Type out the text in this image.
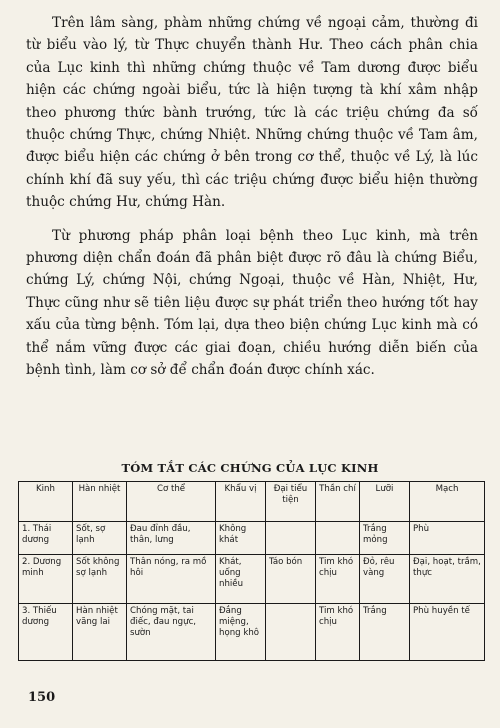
Trên lâm sàng, phàm những chứng về ngoại cảm, thường đi từ biểu vào lý, từ Thực chuyển thành Hư. Theo cách phân chia của Lục kinh thì những chứng thuộc về Tam dương được biểu hiện các chứng ngoài biểu, tức là hiện tượng tà khí xâm nhập theo phương thức bành trướng, tức là các triệu chứng đa số thuộc chứng Thực, chứng Nhiệt. Những chứng thuộc về Tam âm, được biểu hiện các chứng ở bên trong cơ thể, thuộc về Lý, là lúc chính khí đã suy yếu, thì các triệu chứng được biểu hiện thường thuộc chứng Hư, chứng Hàn.

Từ phương pháp phân loại bệnh theo Lục kinh, mà trên phương diện chẩn đoán đã phân biệt được rõ đâu là chứng Biểu, chứng Lý, chứng Nội, chứng Ngoại, thuộc về Hàn, Nhiệt, Hư, Thực cũng như sẽ tiên liệu được sự phát triển theo hướng tốt hay xấu của từng bệnh. Tóm lại, dựa theo biện chứng Lục kinh mà có thể nắm vững được các giai đoạn, chiều hướng diễn biến của bệnh tình, làm cơ sở để chẩn đoán được chính xác.

TÓM TẮT CÁC CHỨNG CỦA LỤC KINH
Kinh	Hàn nhiệt	Cơ thể	Khẩu vị	Đại tiểu tiện	Thần chí	Lưỡi	Mạch
1. Thái dương	Sốt, sợ lạnh	Đau đỉnh đầu, thân, lưng	Không khát			Trắng mỏng	Phù
2. Dương minh	Sốt không sợ lạnh	Thân nóng, ra mồ hôi	Khát, uống nhiều	Táo bón	Tim khó chịu	Đỏ, rêu vàng	Đại, hoạt, trầm, thực
3. Thiếu dương	Hàn nhiệt vãng lai	Chóng mặt, tai điếc, đau ngực, sườn	Đắng miệng, họng khô		Tim khó chịu	Trắng	Phù huyền tế
150
